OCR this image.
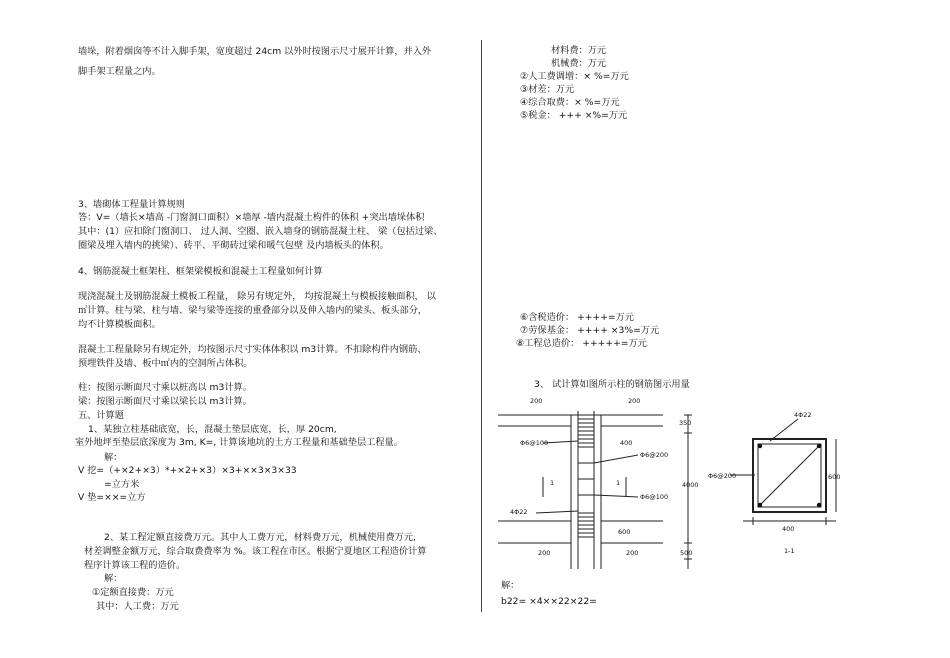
墙垛，附着烟囱等不计入脚手架，宽度超过 24cm 以外时按图示尺寸展开计算，并入外
脚手架工程量之内。
3、墙砌体工程量计算规则
答：V=（墙长×墙高 -门窗洞口面积）×墙厚 -墙内混凝土构件的体积 +突出墙垛体积
其中：(1）应扣除门窗洞口、 过人洞、空圈、嵌入墙身的钢筋混凝土柱、 梁（包括过梁、
圈梁及埋入墙内的挑梁）、砖平、平砌砖过梁和暖气包壁 及内墙板头的体积。
4、钢筋混凝土框架柱、框架梁模板和混凝土工程量如何计算
现浇混凝土及钢筋混凝土模板工程量， 除另有规定外， 均按混凝土与模板接触面积， 以
㎡计算。柱与梁、柱与墙、梁与梁等连接的重叠部分以及伸入墙内的梁头、板头部分，
均不计算模板面积。
混凝土工程量除另有规定外，均按图示尺寸实体体积以 m3计算。不扣除构件内钢筋、
预埋铁件及墙、板中㎡内的空洞所占体积。
柱：按图示断面尺寸乘以桩高以 m3计算。
梁：按图示断面尺寸乘以梁长以 m3计算。
五、计算题
1、某独立柱基础底宽，长，混凝土垫层底宽，长，厚 20cm,
室外地坪至垫层底深度为 3m, K=, 计算该地坑的土方工程量和基础垫层工程量。
解：
V 挖=（+×2+×3）*+×2+×3）×3+××3×3×33
=立方米
V 垫=××=立方
2、某工程定额直接费万元。其中人工费万元，材料费万元，机械使用费万元,
材差调整金额万元，综合取费费率为 %。该工程在市区。根据宁夏地区工程造价计算
程序计算该工程的造价。
解：
①定额直接费：万元
其中：人工费：万元
材料费：万元
机械费：万元
②人工费调增：× %=万元
③材差：万元
④综合取费：× %=万元
⑤税金： +++ ×%=万元
⑥含税造价： ++++=万元
⑦劳保基金： ++++ ×3%=万元
⑧工程总造价： +++++=万元
3、 试计算如图所示柱的钢筋图示用量
200	200
350
400
4000
600
500
200	200
400
600
Φ6@100
Φ6@200
Φ6@100
4Φ22
4Φ22
Φ6@200
1	1
1-1
解：
b22= ×4××22×22=
